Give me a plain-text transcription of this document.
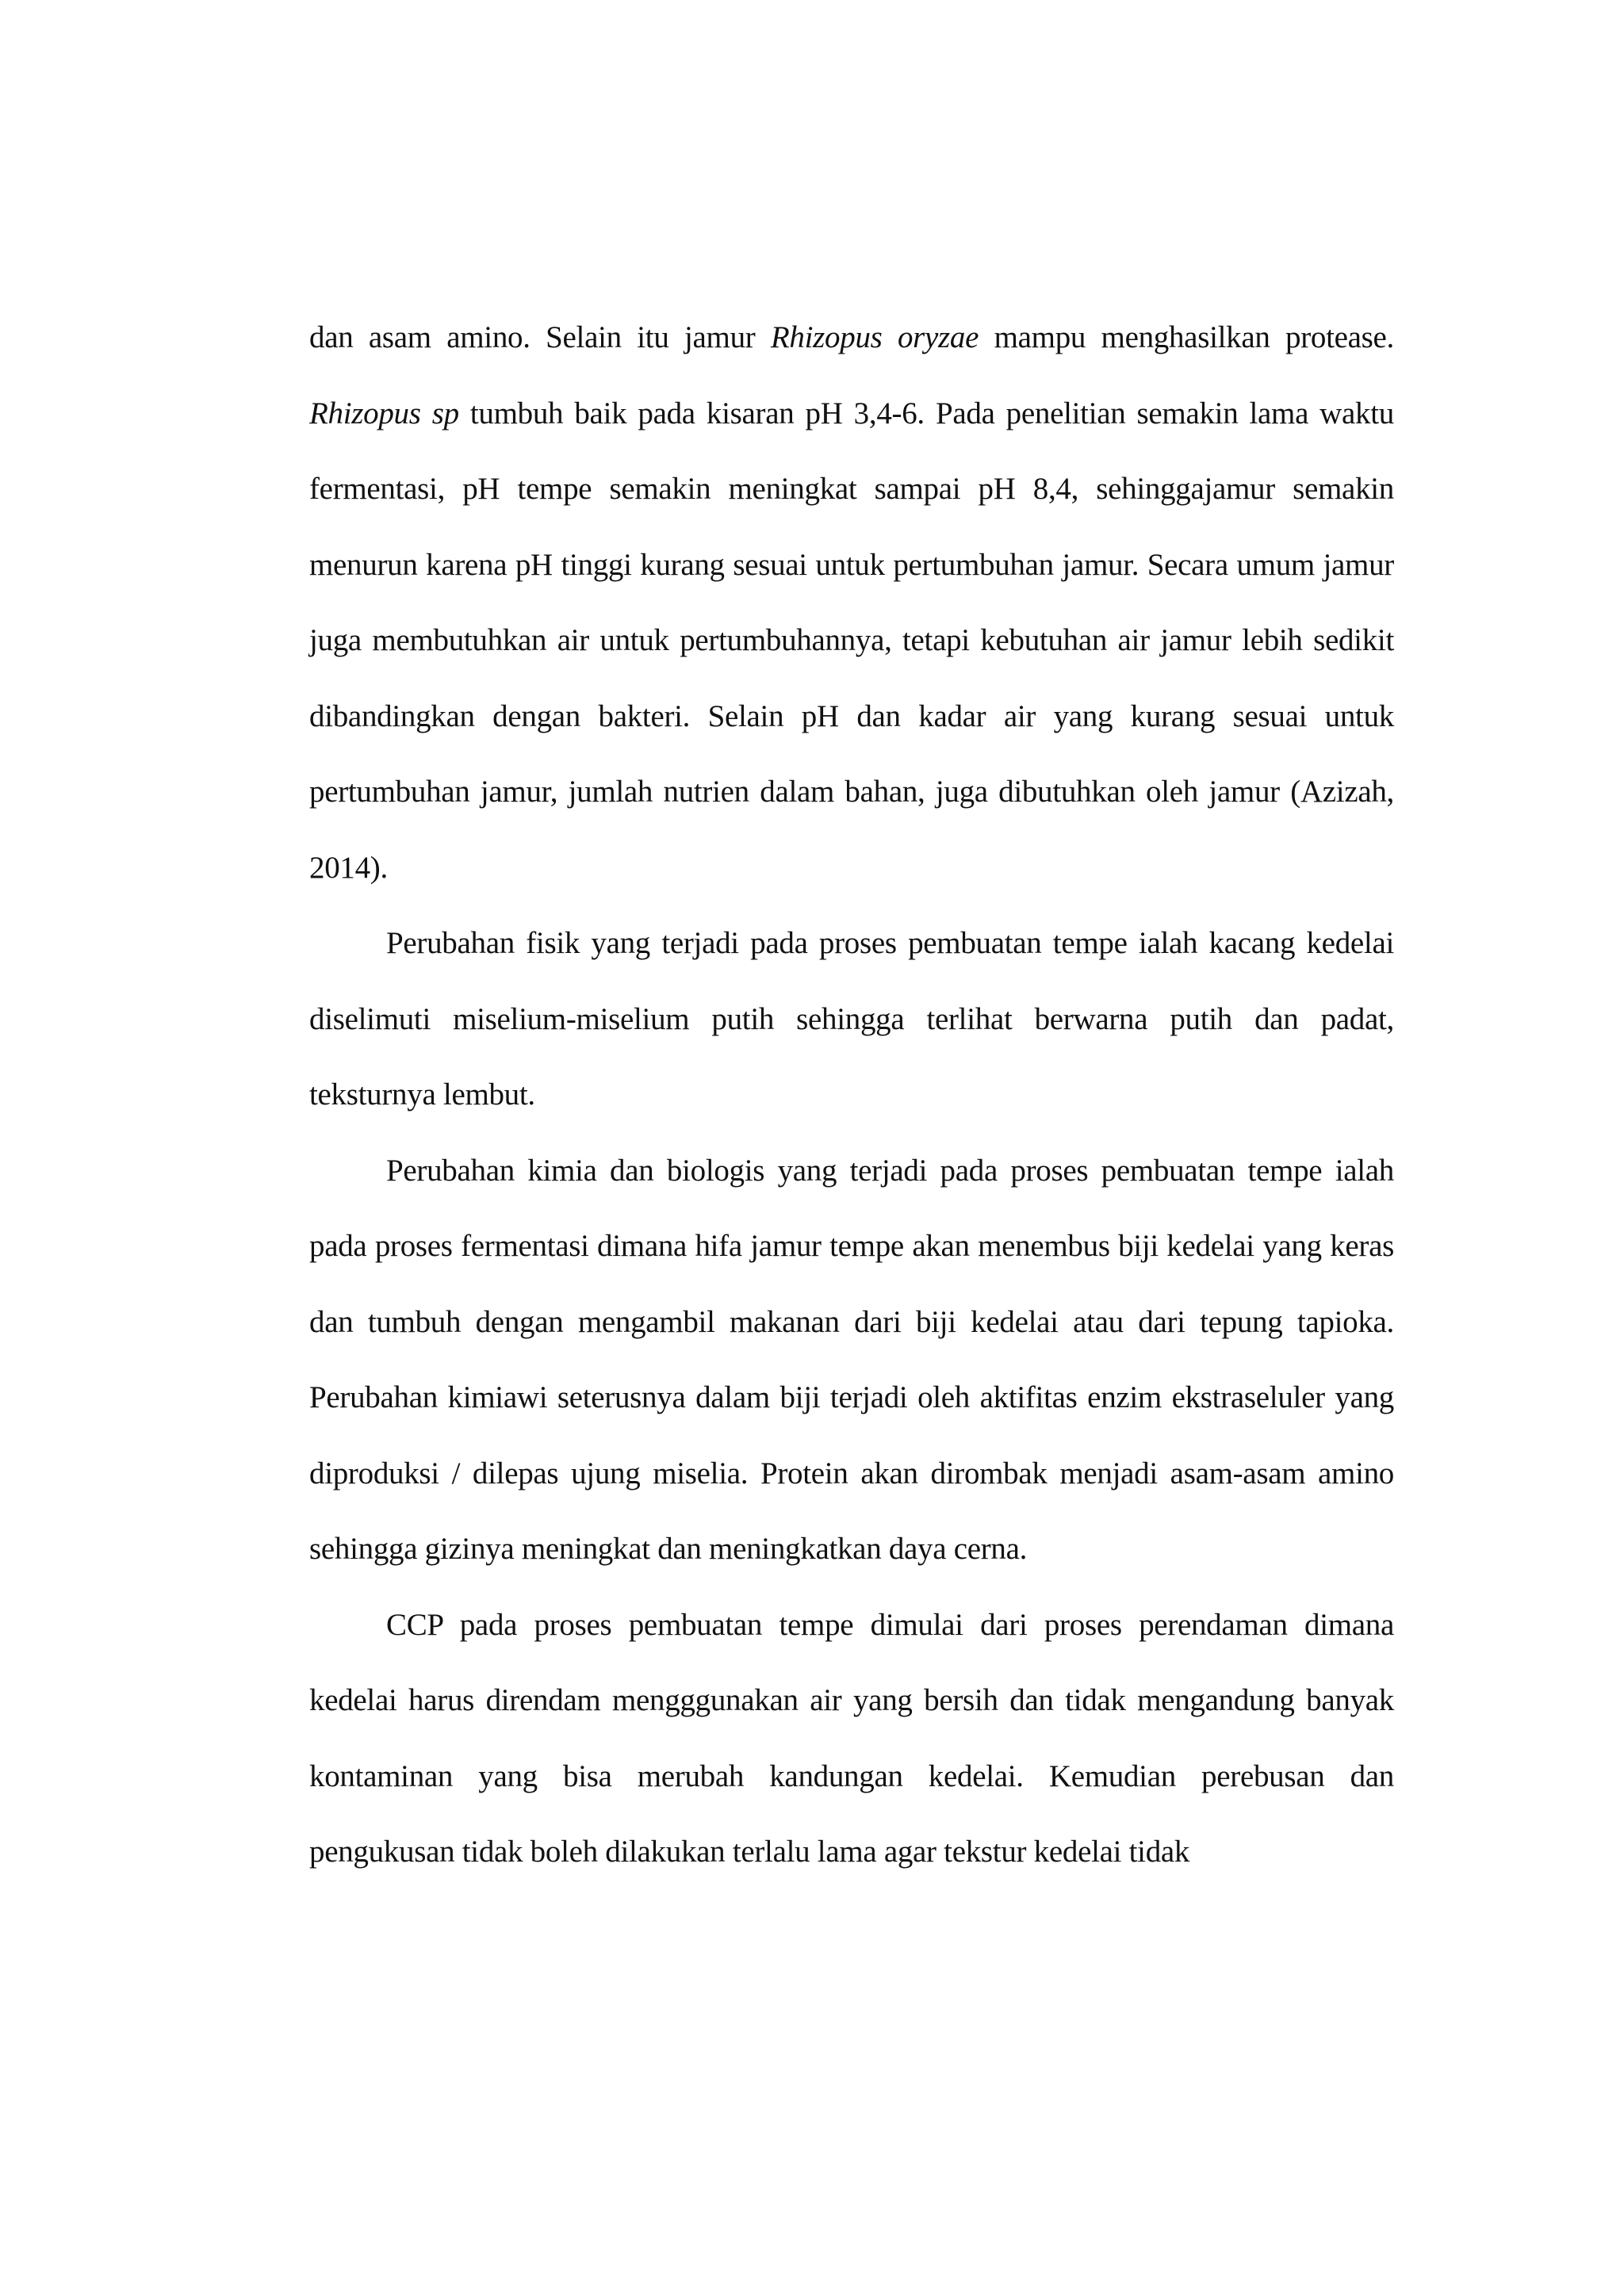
dan asam amino. Selain itu jamur Rhizopus oryzae mampu menghasilkan protease. Rhizopus sp tumbuh baik pada kisaran pH 3,4-6. Pada penelitian semakin lama waktu fermentasi, pH tempe semakin meningkat sampai pH 8,4, sehinggajamur semakin menurun karena pH tinggi kurang sesuai untuk pertumbuhan jamur. Secara umum jamur juga membutuhkan air untuk pertumbuhannya, tetapi kebutuhan air jamur lebih sedikit dibandingkan dengan bakteri. Selain pH dan kadar air yang kurang sesuai untuk pertumbuhan jamur, jumlah nutrien dalam bahan, juga dibutuhkan oleh jamur (Azizah, 2014).

Perubahan fisik yang terjadi pada proses pembuatan tempe ialah kacang kedelai diselimuti miselium-miselium putih sehingga terlihat berwarna putih dan padat, teksturnya lembut.

Perubahan kimia dan biologis yang terjadi pada proses pembuatan tempe ialah pada proses fermentasi dimana hifa jamur tempe akan menembus biji kedelai yang keras dan tumbuh dengan mengambil makanan dari biji kedelai atau dari tepung tapioka. Perubahan kimiawi seterusnya dalam biji terjadi oleh aktifitas enzim ekstraseluler yang diproduksi / dilepas ujung miselia. Protein akan dirombak menjadi asam-asam amino sehingga gizinya meningkat dan meningkatkan daya cerna.

CCP pada proses pembuatan tempe dimulai dari proses perendaman dimana kedelai harus direndam mengggunakan air yang bersih dan tidak mengandung banyak kontaminan yang bisa merubah kandungan kedelai. Kemudian perebusan dan pengukusan tidak boleh dilakukan terlalu lama agar tekstur kedelai tidak
